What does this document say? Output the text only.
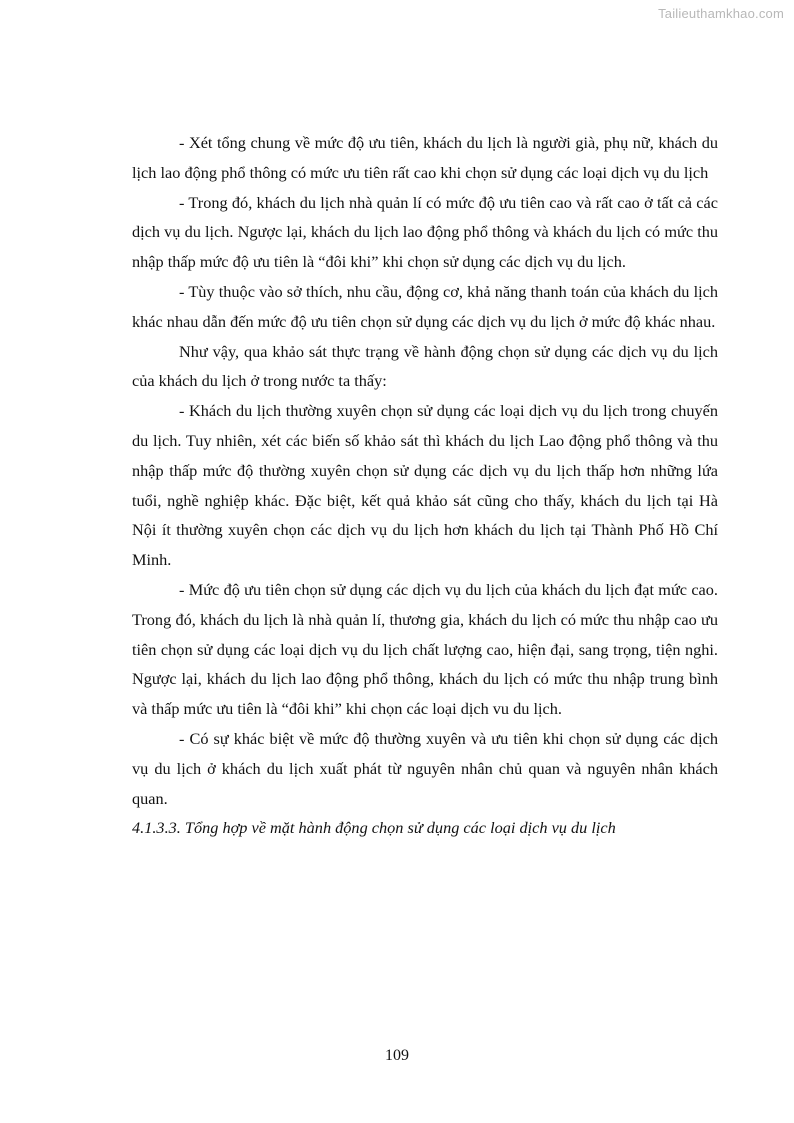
Tailieuthamkhao.com

- Xét tổng chung về mức độ ưu tiên, khách du lịch là người già, phụ nữ, khách du lịch lao động phổ thông có mức ưu tiên rất cao khi chọn sử dụng các loại dịch vụ du lịch

- Trong đó, khách du lịch nhà quản lí có mức độ ưu tiên cao và rất cao ở tất cả các dịch vụ du lịch. Ngược lại, khách du lịch lao động phổ thông và khách du lịch có mức thu nhập thấp mức độ ưu tiên là “đôi khi” khi chọn sử dụng các dịch vụ du lịch.

- Tùy thuộc vào sở thích, nhu cầu, động cơ, khả năng thanh toán của khách du lịch khác nhau dẫn đến mức độ ưu tiên chọn sử dụng các dịch vụ du lịch ở mức độ khác nhau.

Như vậy, qua khảo sát thực trạng về hành động chọn sử dụng các dịch vụ du lịch của khách du lịch ở trong nước ta thấy:

- Khách du lịch thường xuyên chọn sử dụng các loại dịch vụ du lịch trong chuyến du lịch. Tuy nhiên, xét các biến số khảo sát thì khách du lịch Lao động phổ thông và thu nhập thấp mức độ thường xuyên chọn sử dụng các dịch vụ du lịch thấp hơn những lứa tuổi, nghề nghiệp khác. Đặc biệt, kết quả khảo sát cũng cho thấy, khách du lịch tại Hà Nội ít thường xuyên chọn các dịch vụ du lịch hơn khách du lịch tại Thành Phố Hồ Chí Minh.

- Mức độ ưu tiên chọn sử dụng các dịch vụ du lịch của khách du lịch đạt mức cao. Trong đó, khách du lịch là nhà quản lí, thương gia, khách du lịch có mức thu nhập cao ưu tiên chọn sử dụng các loại dịch vụ du lịch chất lượng cao, hiện đại, sang trọng, tiện nghi. Ngược lại, khách du lịch lao động phổ thông, khách du lịch có mức thu nhập trung bình và thấp mức ưu tiên là “đôi khi” khi chọn các loại dịch vu du lịch.

- Có sự khác biệt về mức độ thường xuyên và ưu tiên khi chọn sử dụng các dịch vụ du lịch ở khách du lịch xuất phát từ nguyên nhân chủ quan và nguyên nhân khách quan.

4.1.3.3. Tổng hợp về mặt hành động chọn sử dụng các loại dịch vụ du lịch

109
